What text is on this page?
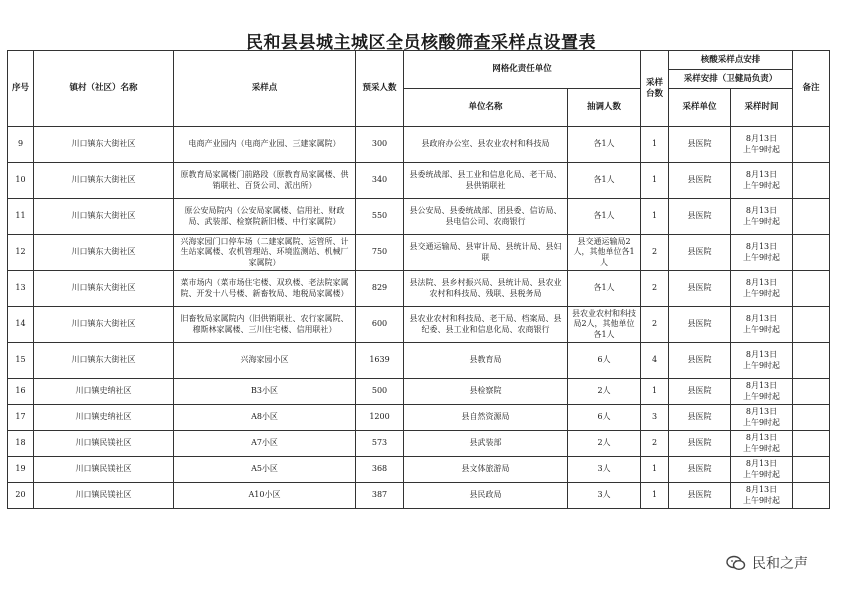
民和县县城主城区全员核酸筛查采样点设置表
序号	镇村（社区）名称	采样点	预采人数	网格化责任单位		采样台数	核酸采样点安排		备注
							采样安排（卫健局负责）		
				单位名称	抽调人数		采样单位	采样时间	
9	川口镇东大街社区	电商产业园内（电商产业园、三建家属院）	300	县政府办公室、县农业农村和科技局	各1人	1	县医院	8月13日
上午9时起	
10	川口镇东大街社区	原教育局家属楼门前路段（原教育局家属楼、供销联社、百货公司、派出所）	340	县委统战部、县工业和信息化局、老干局、县供销联社	各1人	1	县医院	8月13日
上午9时起	
11	川口镇东大街社区	原公安局院内（公安局家属楼、信用社、财政局、武装部、检察院新旧楼、中行家属院）	550	县公安局、县委统战部、团县委、信访局、县电信公司、农商银行	各1人	1	县医院	8月13日
上午9时起	
12	川口镇东大街社区	兴海家园门口停车场（二建家属院、运管所、计生站家属楼、农机管理站、环境监测站、机械厂家属院）	750	县交通运输局、县审计局、县统计局、县妇联	县交通运输局2人，其他单位各1人	2	县医院	8月13日
上午9时起	
13	川口镇东大街社区	菜市场内（菜市场住宅楼、双玖楼、老法院家属院、开发十八号楼、新畜牧局、地税局家属楼）	829	县法院、县乡村振兴局、县统计局、县农业农村和科技局、残联、县税务局	各1人	2	县医院	8月13日
上午9时起	
14	川口镇东大街社区	旧畜牧局家属院内（旧供销联社、农行家属院、穆斯林家属楼、三川住宅楼、信用联社）	600	县农业农村和科技局、老干局、档案局、县纪委、县工业和信息化局、农商银行	县农业农村和科技局2人，其他单位各1人	2	县医院	8月13日
上午9时起	
15	川口镇东大街社区	兴海家园小区	1639	县教育局	6人	4	县医院	8月13日
上午9时起	
16	川口镇史纳社区	B3小区	500	县检察院	2人	1	县医院	8月13日
上午9时起	
17	川口镇史纳社区	A8小区	1200	县自然资源局	6人	3	县医院	8月13日
上午9时起	
18	川口镇民镁社区	A7小区	573	县武装部	2人	2	县医院	8月13日
上午9时起	
19	川口镇民镁社区	A5小区	368	县文体旅游局	3人	1	县医院	8月13日
上午9时起	
20	川口镇民镁社区	A10小区	387	县民政局	3人	1	县医院	8月13日
上午9时起	
民和之声
